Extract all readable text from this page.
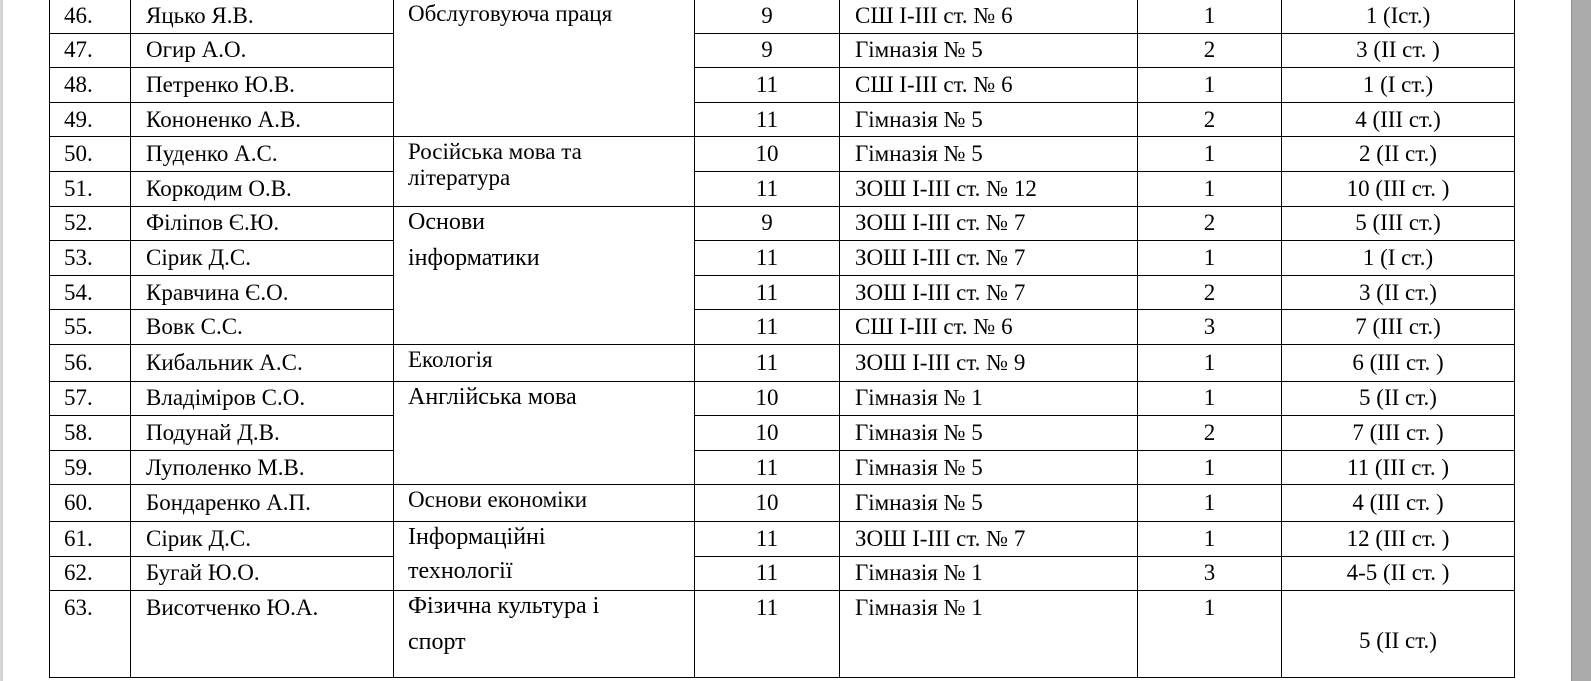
46.	Яцько Я.В.	Обслуговуюча праця	9	СШ І-ІІІ ст. № 6	1	1 (Іст.)
47.	Огир А.О.		9	Гімназія № 5	2	3 (ІІ ст. )
48.	Петренко Ю.В.		11	СШ І-ІІІ ст. № 6	1	1 (І ст.)
49.	Кононенко А.В.		11	Гімназія № 5	2	4 (ІІІ ст.)
50.	Пуденко А.С.	Російська мова та
література	10	Гімназія № 5	1	2 (ІІ ст.)
51.	Коркодим О.В.		11	ЗОШ І-ІІІ ст. № 12	1	10 (ІІІ ст. )
52.	Філіпов Є.Ю.	Основи
інформатики	9	ЗОШ І-ІІІ ст. № 7	2	5 (ІІІ ст.)
53.	Сірик Д.С.		11	ЗОШ І-ІІІ ст. № 7	1	1 (І ст.)
54.	Кравчина Є.О.		11	ЗОШ І-ІІІ ст. № 7	2	3 (ІІ ст.)
55.	Вовк С.С.		11	СШ І-ІІІ ст. № 6	3	7 (ІІІ ст.)
56.	Кибальник А.С.	Екологія	11	ЗОШ І-ІІІ ст. № 9	1	6 (ІІІ ст. )
57.	Владіміров С.О.	Англійська мова	10	Гімназія № 1	1	5 (ІІ ст.)
58.	Подунай Д.В.		10	Гімназія № 5	2	7 (ІІІ ст. )
59.	Луполенко М.В.		11	Гімназія № 5	1	11 (ІІІ ст. )
60.	Бондаренко А.П.	Основи економіки	10	Гімназія № 5	1	4 (ІІІ ст. )
61.	Сірик Д.С.	Інформаційні
технології	11	ЗОШ І-ІІІ ст. № 7	1	12 (ІІІ ст. )
62.	Бугай Ю.О.		11	Гімназія № 1	3	4-5 (ІІ ст. )
63.	Висотченко Ю.А.	Фізична культура і
спорт	11	Гімназія № 1	1	5 (ІІ ст.)
